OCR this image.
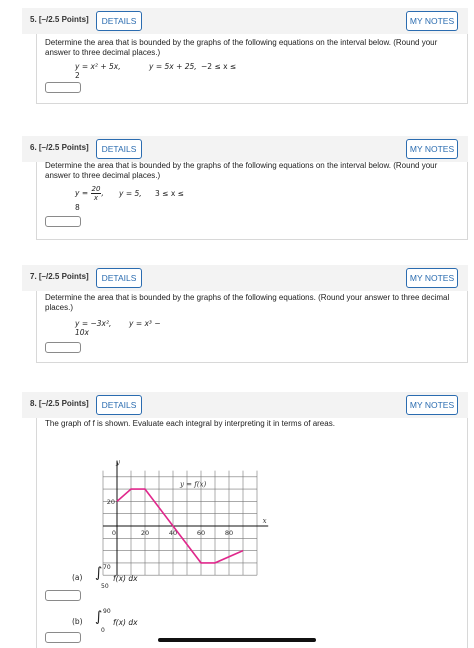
5. [–/2.5 Points]	DETAILS	MY NOTES
Determine the area that is bounded by the graphs of the following equations on the interval below. (Round your answer to three decimal places.)
y = x² + 5x,	y = 5x + 25, −2 ≤ x ≤
2
6. [–/2.5 Points]	DETAILS	MY NOTES
Determine the area that is bounded by the graphs of the following equations on the interval below. (Round your answer to three decimal places.)
$y = \frac{20}{x}$ , y = 5, 3 ≤ x ≤
8
7. [–/2.5 Points]	DETAILS	MY NOTES
Determine the area that is bounded by the graphs of the following equations. (Round your answer to three decimal places.)
y = −3x², y = x³ −
10x
8. [–/2.5 Points]	DETAILS	MY NOTES
The graph of f is shown. Evaluate each integral by interpreting it in terms of areas.
0	20	40	60	80
20
y = f(x)
x
y
(a) ∫ 70
50
f(x) dx
(b) ∫ 90
0
f(x) dx
